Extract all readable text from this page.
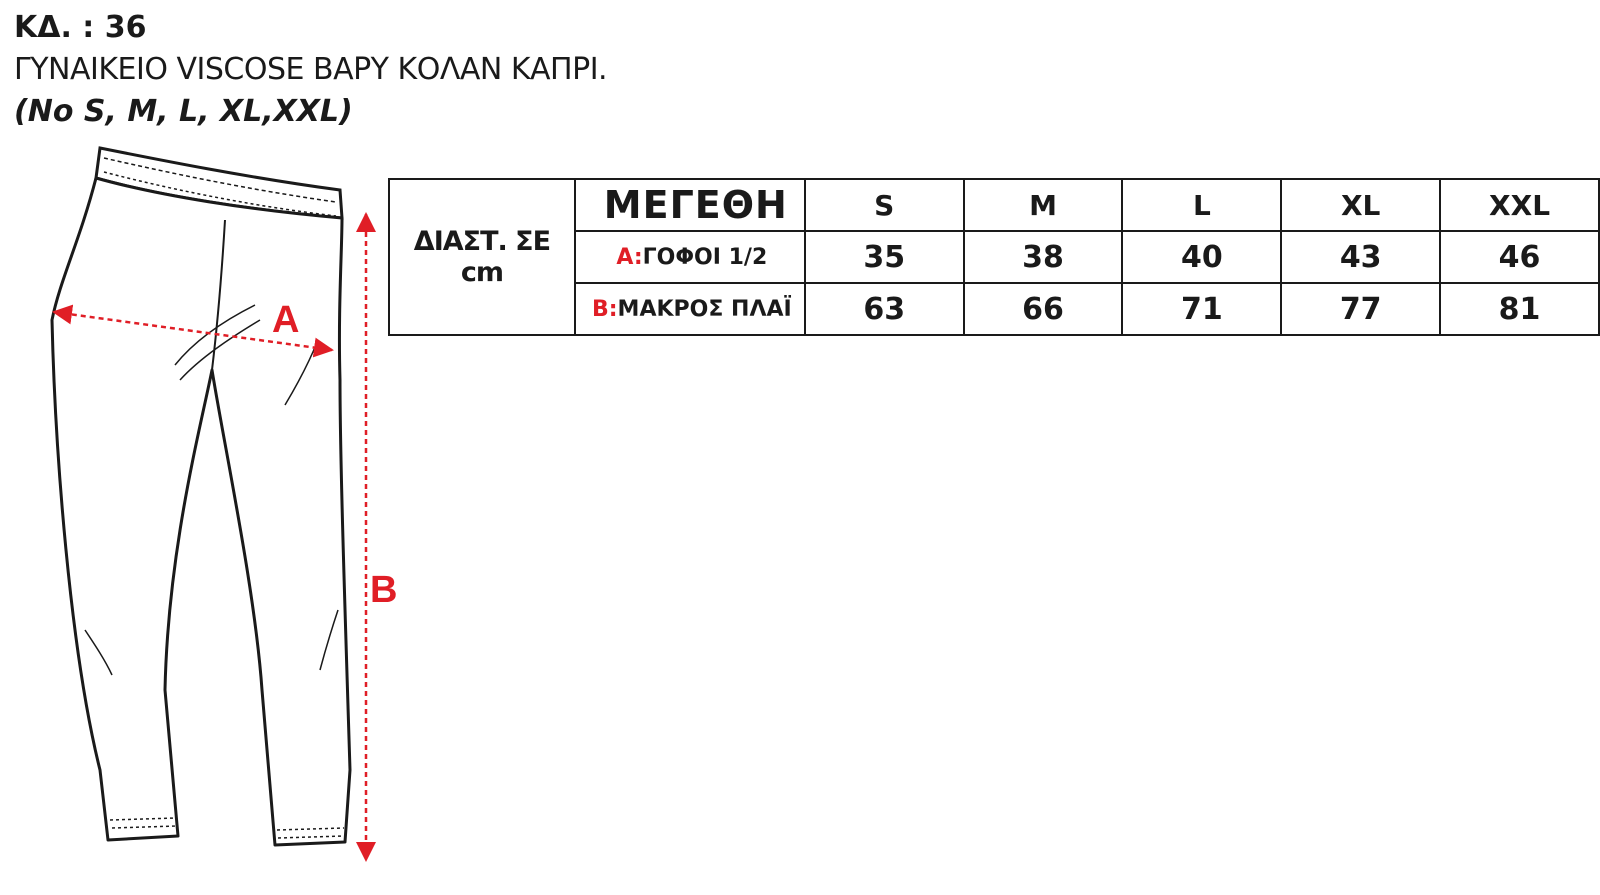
ΚΔ. : 36
ΓΥΝΑΙΚΕΙΟ VISCOSE ΒΑΡΥ ΚΟΛΑΝ ΚΑΠΡΙ.
(No S, M, L, XL,XXL)
A
B
ΔΙΑΣΤ. ΣΕ cm	ΜΕΓΕΘΗ	S	M	L	XL	XXL
	A:ΓΟΦΟΙ 1/2	35	38	40	43	46
	B:ΜΑΚΡΟΣ ΠΛΑΪ	63	66	71	77	81
